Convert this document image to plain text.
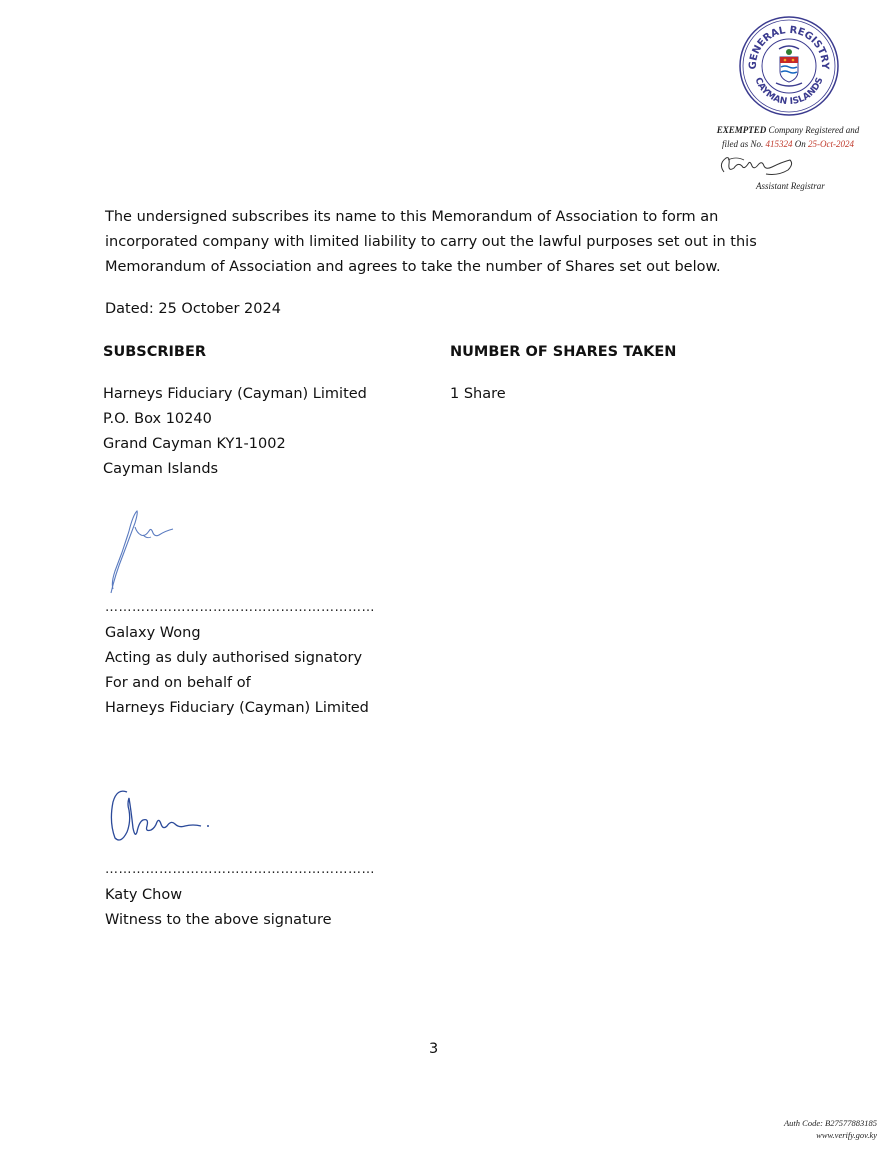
GENERAL REGISTRY
CAYMAN ISLANDS
EXEMPTED Company Registered and
filed as No. 415324 On 25-Oct-2024
Assistant Registrar
The undersigned subscribes its name to this Memorandum of Association to form an
incorporated company with limited liability to carry out the lawful purposes set out in this
Memorandum of Association and agrees to take the number of Shares set out below.
Dated: 25 October 2024
SUBSCRIBER	NUMBER OF SHARES TAKEN
Harneys Fiduciary (Cayman) Limited
P.O. Box 10240
Grand Cayman KY1-1002
Cayman Islands
1 Share
……………………………………………………
Galaxy Wong
Acting as duly authorised signatory
For and on behalf of
Harneys Fiduciary (Cayman) Limited
……………………………………………………
Katy Chow
Witness to the above signature
3
Auth Code: B27577883185
www.verify.gov.ky
